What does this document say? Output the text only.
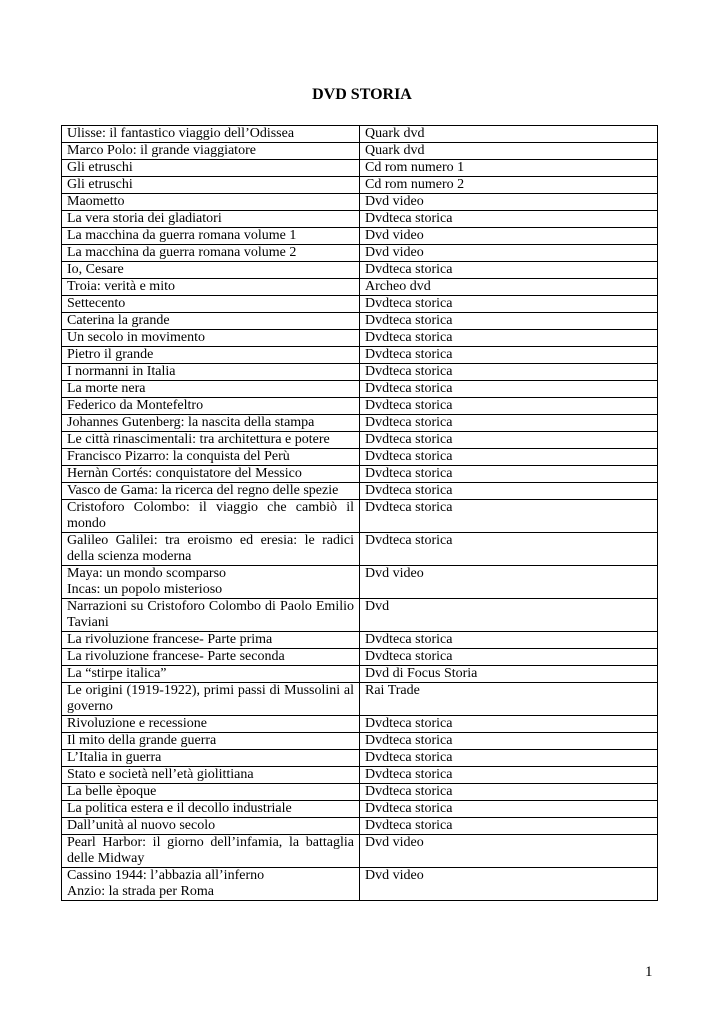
DVD STORIA
Ulisse: il fantastico viaggio dell’Odissea	Quark dvd

Marco Polo: il grande viaggiatore	Quark dvd

Gli etruschi	Cd rom numero 1

Gli etruschi	Cd rom numero 2

Maometto	Dvd video

La vera storia dei gladiatori	Dvdteca storica

La macchina da guerra romana volume 1	Dvd video

La macchina da guerra romana volume 2	Dvd video

Io, Cesare	Dvdteca storica

Troia: verità e mito	Archeo dvd

Settecento	Dvdteca storica

Caterina la grande	Dvdteca storica

Un secolo in movimento	Dvdteca storica

Pietro il grande	Dvdteca storica

I normanni in Italia	Dvdteca storica

La morte nera	Dvdteca storica

Federico da Montefeltro	Dvdteca storica

Johannes Gutenberg: la nascita della stampa	Dvdteca storica

Le città rinascimentali: tra architettura e potere	Dvdteca storica

Francisco Pizarro: la conquista del Perù	Dvdteca storica

Hernàn Cortés: conquistatore del Messico	Dvdteca storica

Vasco de Gama: la ricerca del regno delle spezie	Dvdteca storica

Cristoforo Colombo: il viaggio che cambiò il mondo	Dvdteca storica

Galileo Galilei: tra eroismo ed eresia: le radici della scienza moderna	Dvdteca storica

Maya: un mondo scomparso
Incas: un popolo misterioso	Dvd video

Narrazioni su Cristoforo Colombo di Paolo Emilio Taviani	Dvd

La rivoluzione francese- Parte prima	Dvdteca storica

La rivoluzione francese- Parte seconda	Dvdteca storica

La “stirpe italica”	Dvd di Focus Storia

Le origini (1919-1922), primi passi di Mussolini al governo	Rai Trade

Rivoluzione e recessione	Dvdteca storica

Il mito della grande guerra	Dvdteca storica

L’Italia in guerra	Dvdteca storica

Stato e società nell’età giolittiana	Dvdteca storica

La belle èpoque	Dvdteca storica

La politica estera e il decollo industriale	Dvdteca storica

Dall’unità al nuovo secolo	Dvdteca storica

Pearl Harbor: il giorno dell’infamia, la battaglia delle Midway	Dvd video

Cassino 1944: l’abbazia all’inferno
Anzio: la strada per Roma	Dvd video
1
